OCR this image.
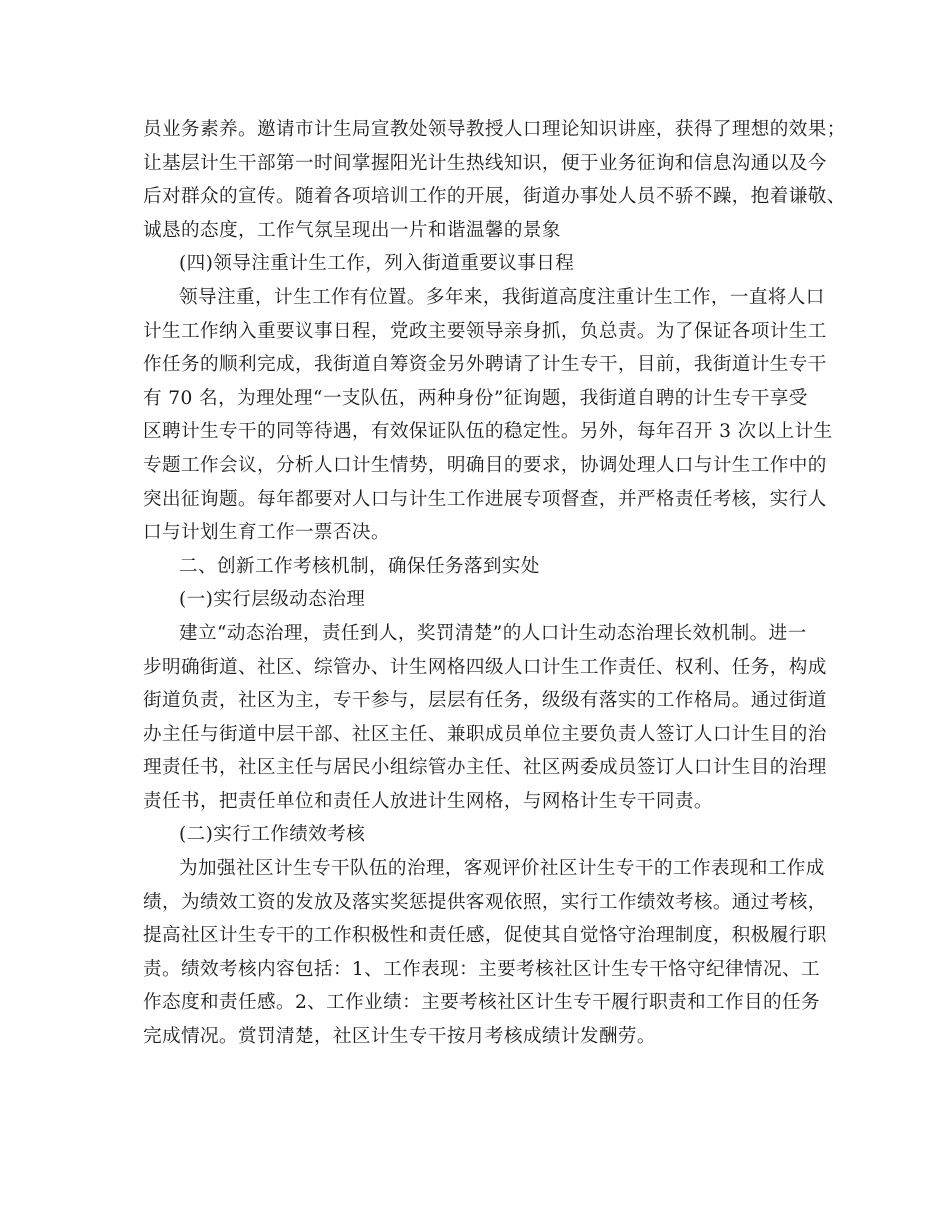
员业务素养。邀请市计生局宣教处领导教授人口理论知识讲座，获得了理想的效果；
让基层计生干部第一时间掌握阳光计生热线知识，便于业务征询和信息沟通以及今
后对群众的宣传。随着各项培训工作的开展，街道办事处人员不骄不躁，抱着谦敬、
诚恳的态度，工作气氛呈现出一片和谐温馨的景象
(四)领导注重计生工作，列入街道重要议事日程
领导注重，计生工作有位置。多年来，我街道高度注重计生工作，一直将人口
计生工作纳入重要议事日程，党政主要领导亲身抓，负总责。为了保证各项计生工
作任务的顺利完成，我街道自筹资金另外聘请了计生专干，目前，我街道计生专干
有 70 名，为理处理“一支队伍，两种身份”征询题，我街道自聘的计生专干享受
区聘计生专干的同等待遇，有效保证队伍的稳定性。另外，每年召开 3 次以上计生
专题工作会议，分析人口计生情势，明确目的要求，协调处理人口与计生工作中的
突出征询题。每年都要对人口与计生工作进展专项督查，并严格责任考核，实行人
口与计划生育工作一票否决。
二、创新工作考核机制，确保任务落到实处
(一)实行层级动态治理
建立“动态治理，责任到人，奖罚清楚”的人口计生动态治理长效机制。进一
步明确街道、社区、综管办、计生网格四级人口计生工作责任、权利、任务，构成
街道负责，社区为主，专干参与，层层有任务，级级有落实的工作格局。通过街道
办主任与街道中层干部、社区主任、兼职成员单位主要负责人签订人口计生目的治
理责任书，社区主任与居民小组综管办主任、社区两委成员签订人口计生目的治理
责任书，把责任单位和责任人放进计生网格，与网格计生专干同责。
(二)实行工作绩效考核
为加强社区计生专干队伍的治理，客观评价社区计生专干的工作表现和工作成
绩，为绩效工资的发放及落实奖惩提供客观依照，实行工作绩效考核。通过考核，
提高社区计生专干的工作积极性和责任感，促使其自觉恪守治理制度，积极履行职
责。绩效考核内容包括：1、工作表现：主要考核社区计生专干恪守纪律情况、工
作态度和责任感。2、工作业绩：主要考核社区计生专干履行职责和工作目的任务
完成情况。赏罚清楚，社区计生专干按月考核成绩计发酬劳。
